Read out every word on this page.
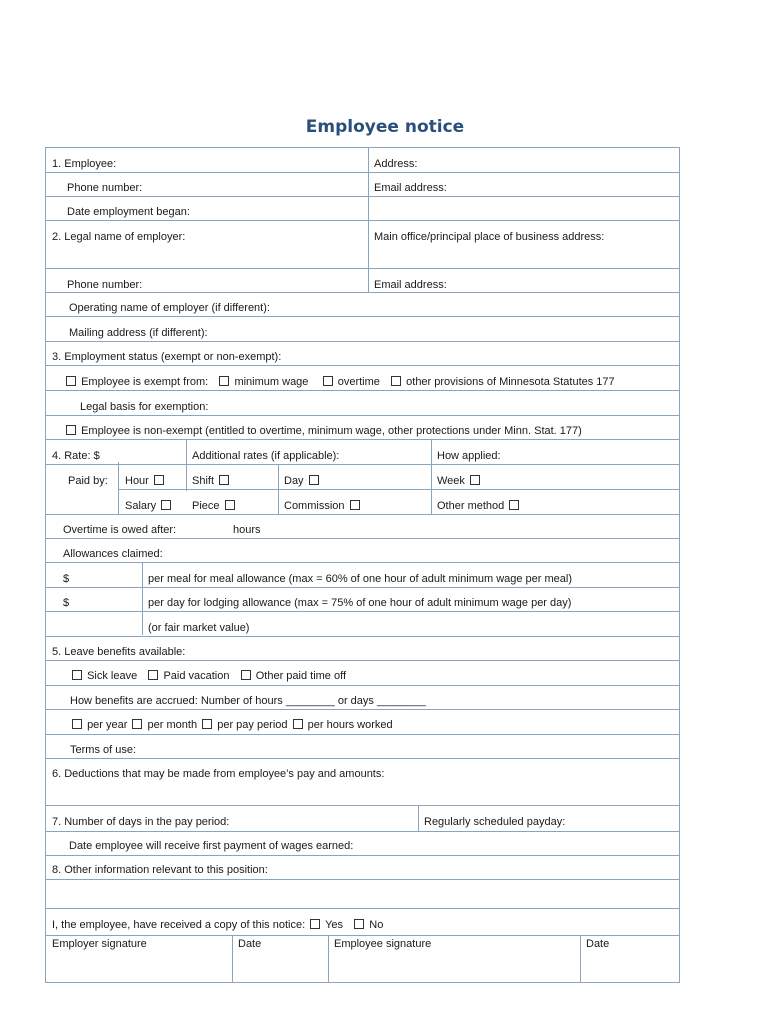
Employee notice
1. Employee:	Address:
Phone number:	Email address:
Date employment began:
2. Legal name of employer:	Main office/principal place of business address:
Phone number:	Email address:
Operating name of employer (if different):
Mailing address (if different):
3. Employment status (exempt or non-exempt):
Employee is exempt from: minimum wage	overtime other provisions of Minnesota Statutes 177
Legal basis for exemption:
Employee is non-exempt (entitled to overtime, minimum wage, other protections under Minn. Stat. 177)
4. Rate: $	Additional rates (if applicable):	How applied:
Paid by: Hour	Shift	Day	Week
Salary	Piece	Commission	Other method
Overtime is owed after:	hours
Allowances claimed:
$	per meal for meal allowance (max = 60% of one hour of adult minimum wage per meal)
$	per day for lodging allowance (max = 75% of one hour of adult minimum wage per day)
(or fair market value)
5. Leave benefits available:
Sick leave Paid vacation Other paid time off
How benefits are accrued: Number of hours ________ or days ________
per year per month per pay period per hours worked
Terms of use:
6. Deductions that may be made from employee’s pay and amounts:
7. Number of days in the pay period:	Regularly scheduled payday:
Date employee will receive first payment of wages earned:
8. Other information relevant to this position:
I, the employee, have received a copy of this notice: Yes No
Employer signature	Date	Employee signature	Date
